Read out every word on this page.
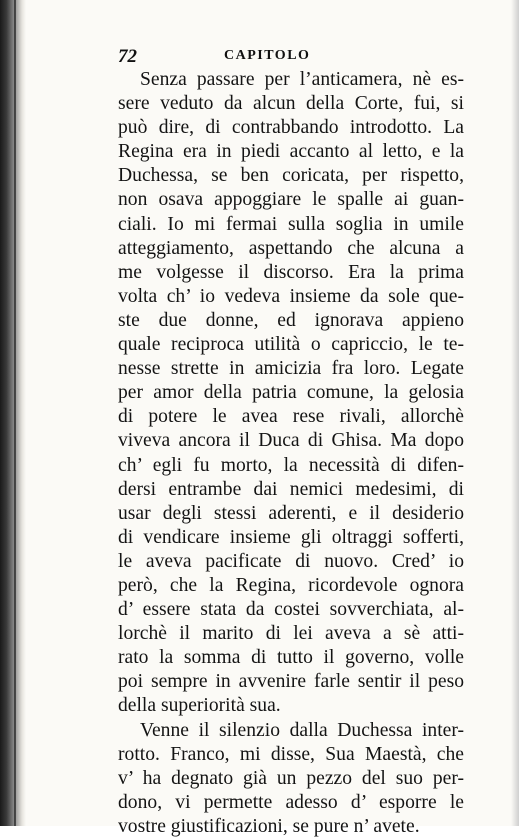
72	CAPITOLO
Senza passare per l’anticamera, nè es-
sere veduto da alcun della Corte, fui, si
può dire, di contrabbando introdotto. La
Regina era in piedi accanto al letto, e la
Duchessa, se ben coricata, per rispetto,
non osava appoggiare le spalle ai guan-
ciali. Io mi fermai sulla soglia in umile
atteggiamento, aspettando che alcuna a
me volgesse il discorso. Era la prima
volta ch’ io vedeva insieme da sole que-
ste due donne, ed ignorava appieno
quale reciproca utilità o capriccio, le te-
nesse strette in amicizia fra loro. Legate
per amor della patria comune, la gelosia
di potere le avea rese rivali, allorchè
viveva ancora il Duca di Ghisa. Ma dopo
ch’ egli fu morto, la necessità di difen-
dersi entrambe dai nemici medesimi, di
usar degli stessi aderenti, e il desiderio
di vendicare insieme gli oltraggi sofferti,
le aveva pacificate di nuovo. Cred’ io
però, che la Regina, ricordevole ognora
d’ essere stata da costei sovverchiata, al-
lorchè il marito di lei aveva a sè atti-
rato la somma di tutto il governo, volle
poi sempre in avvenire farle sentir il peso
della superiorità sua.
Venne il silenzio dalla Duchessa inter-
rotto. Franco, mi disse, Sua Maestà, che
v’ ha degnato già un pezzo del suo per-
dono, vi permette adesso d’ esporre le
vostre giustificazioni, se pure n’ avete.
